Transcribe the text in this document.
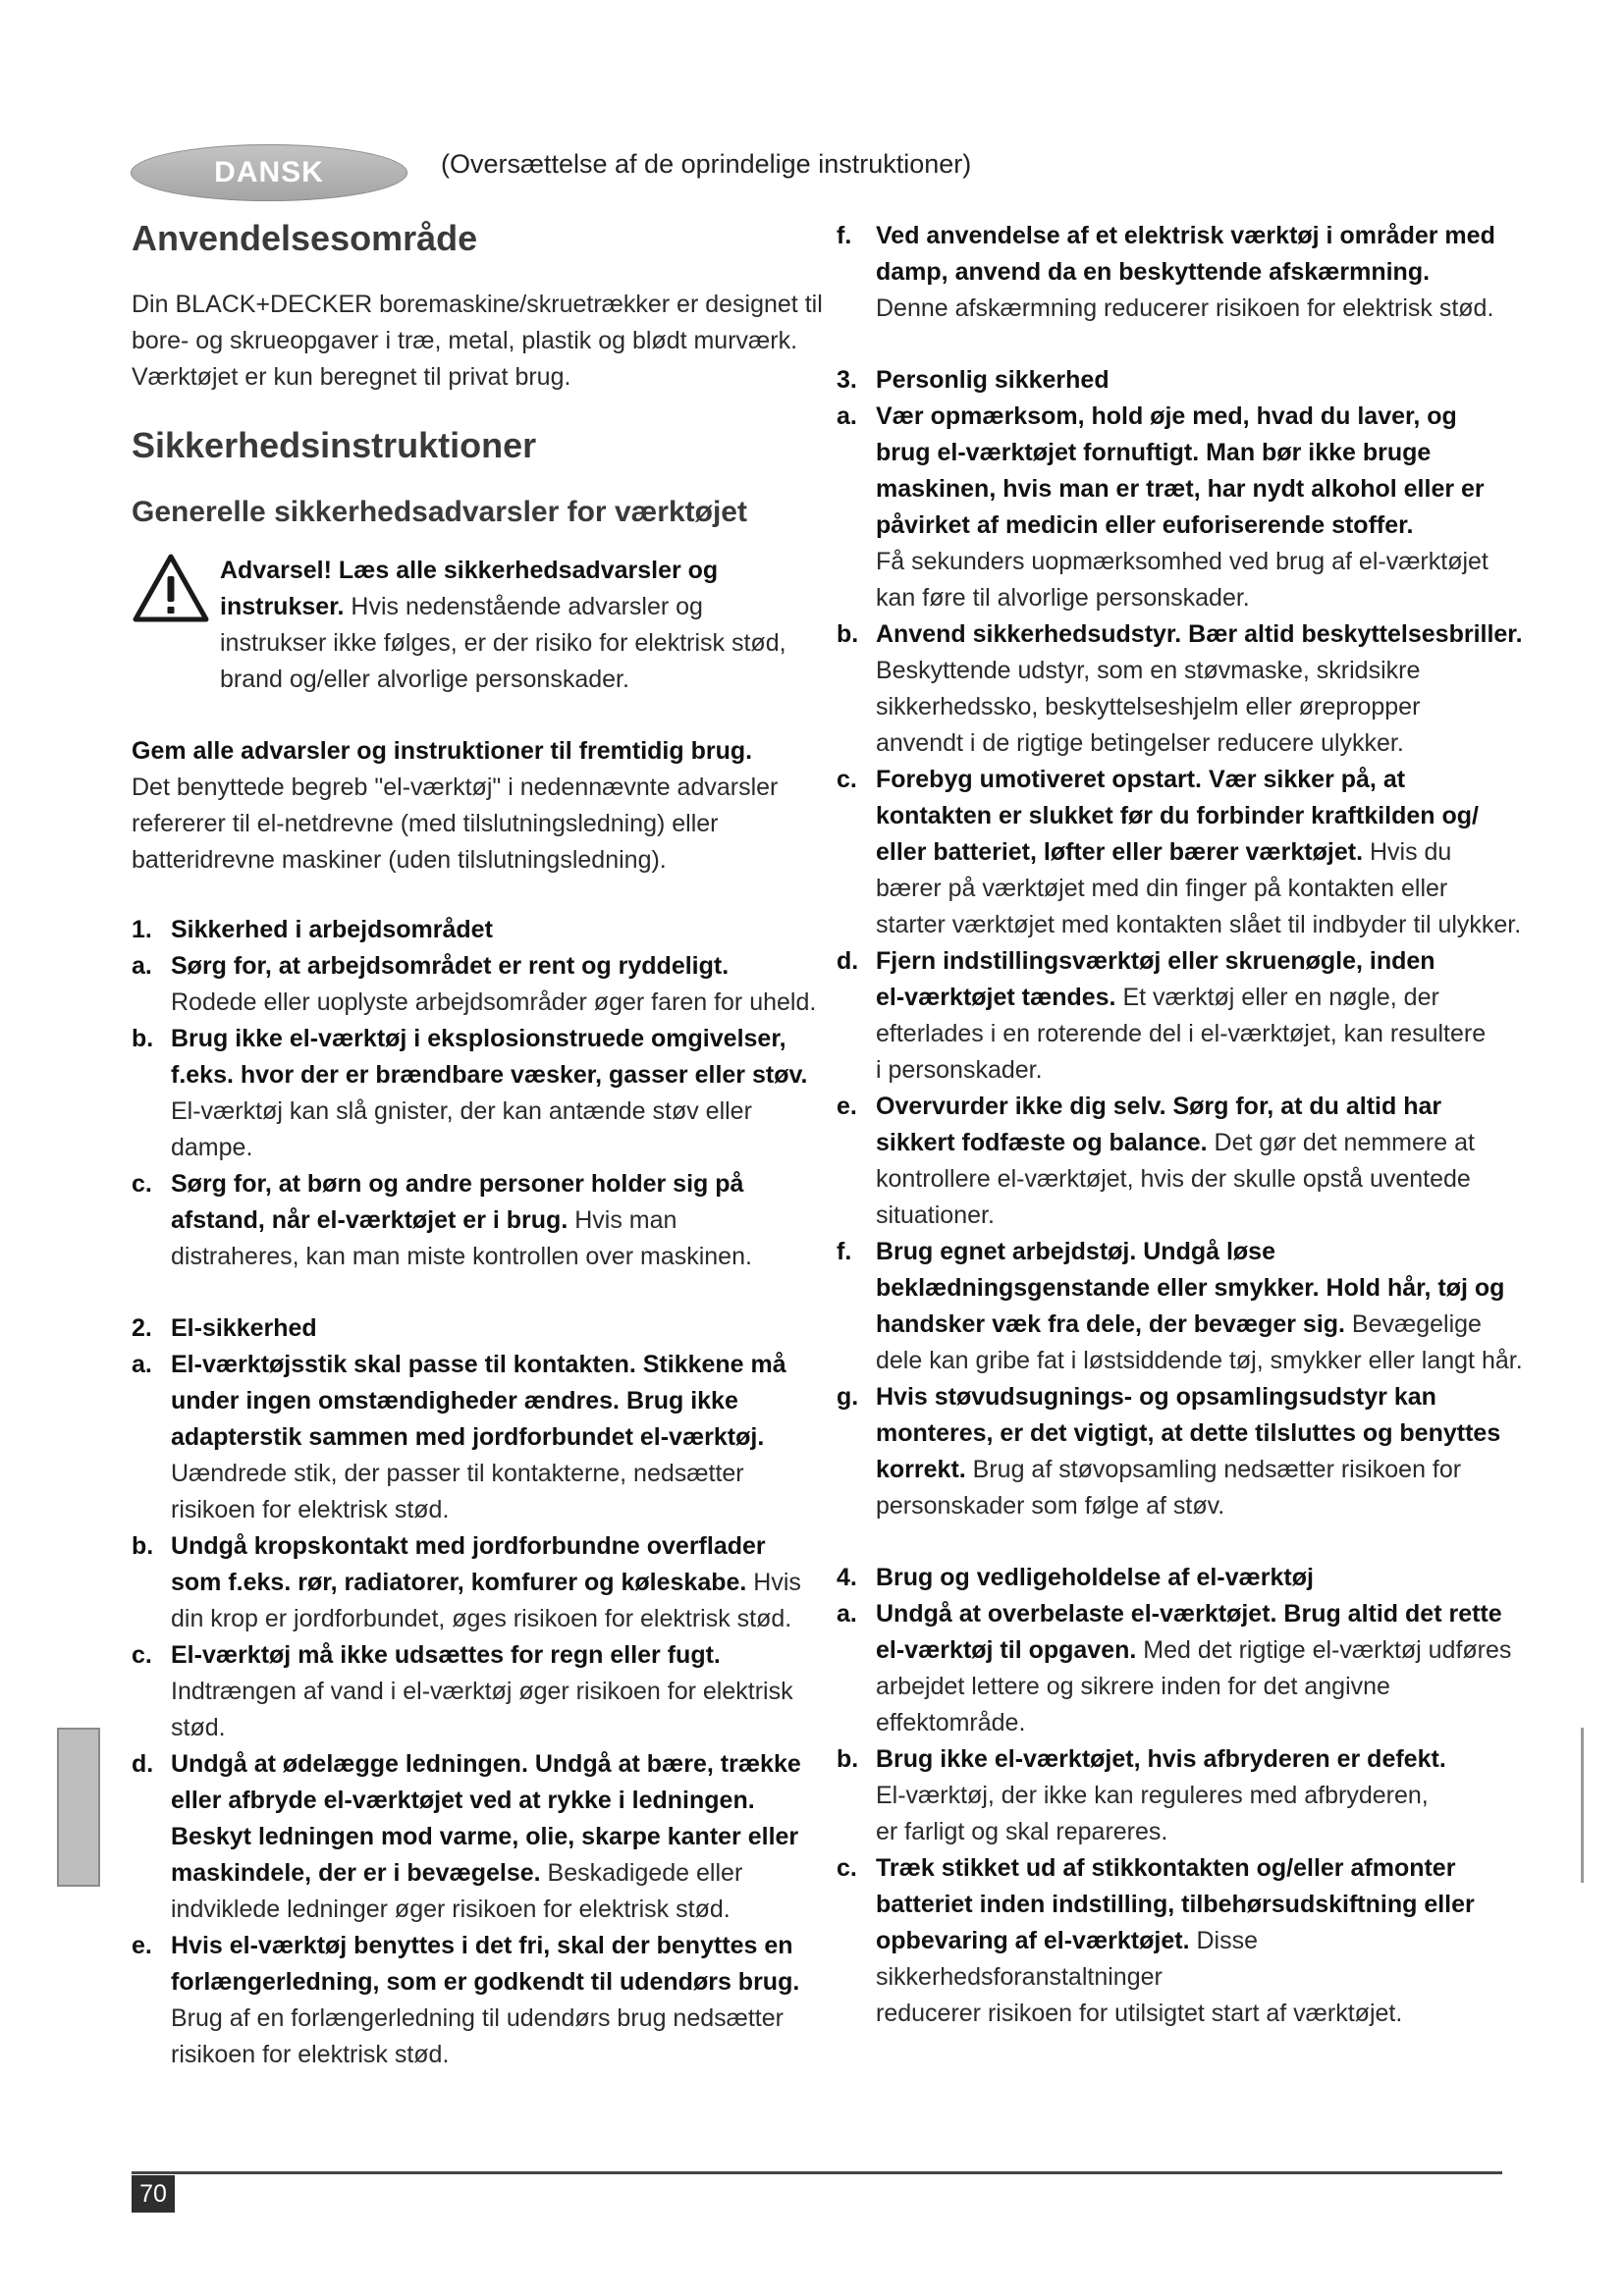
DANSK	(Oversættelse af de oprindelige instruktioner)
Anvendelsesområde

Din BLACK+DECKER boremaskine/skruetrækker er designet til

bore- og skrueopgaver i træ, metal, plastik og blødt murværk.

Værktøjet er kun beregnet til privat brug.

Sikkerhedsinstruktioner
Generelle sikkerhedsadvarsler for værktøjet

Advarsel! Læs alle sikkerhedsadvarsler og

instrukser. Hvis nedenstående advarsler og

instrukser ikke følges, er der risiko for elektrisk stød,

brand og/eller alvorlige personskader.

Gem alle advarsler og instruktioner til fremtidig brug.

Det benyttede begreb "el-værktøj" i nedennævnte advarsler

refererer til el-netdrevne (med tilslutningsledning) eller

batteridrevne maskiner (uden tilslutningsledning).

1. Sikkerhed i arbejdsområdet
a. Sørg for, at arbejdsområdet er rent og ryddeligt.
Rodede eller uoplyste arbejdsområder øger faren for uheld.
b. Brug ikke el-værktøj i eksplosionstruede omgivelser,
f.eks. hvor der er brændbare væsker, gasser eller støv.
El-værktøj kan slå gnister, der kan antænde støv eller dampe.
c. Sørg for, at børn og andre personer holder sig på
afstand, når el-værktøjet er i brug. Hvis man
distraheres, kan man miste kontrollen over maskinen.
2. El-sikkerhed
a. El-værktøjsstik skal passe til kontakten. Stikkene må
under ingen omstændigheder ændres. Brug ikke
adapterstik sammen med jordforbundet el-værktøj.
Uændrede stik, der passer til kontakterne, nedsætter
risikoen for elektrisk stød.
b. Undgå kropskontakt med jordforbundne overflader
som f.eks. rør, radiatorer, komfurer og køleskabe. Hvis
din krop er jordforbundet, øges risikoen for elektrisk stød.
c. El-værktøj må ikke udsættes for regn eller fugt.
Indtrængen af vand i el-værktøj øger risikoen for elektrisk
stød.
d. Undgå at ødelægge ledningen. Undgå at bære, trække
eller afbryde el-værktøjet ved at rykke i ledningen.
Beskyt ledningen mod varme, olie, skarpe kanter eller
maskindele, der er i bevægelse. Beskadigede eller
indviklede ledninger øger risikoen for elektrisk stød.
e. Hvis el-værktøj benyttes i det fri, skal der benyttes en
forlængerledning, som er godkendt til udendørs brug.
Brug af en forlængerledning til udendørs brug nedsætter
risikoen for elektrisk stød.
f. Ved anvendelse af et elektrisk værktøj i områder med
damp, anvend da en beskyttende afskærmning.
Denne afskærmning reducerer risikoen for elektrisk stød.
3. Personlig sikkerhed
a. Vær opmærksom, hold øje med, hvad du laver, og
brug el-værktøjet fornuftigt. Man bør ikke bruge
maskinen, hvis man er træt, har nydt alkohol eller er
påvirket af medicin eller euforiserende stoffer.
Få sekunders uopmærksomhed ved brug af el-værktøjet
kan føre til alvorlige personskader.
b. Anvend sikkerhedsudstyr. Bær altid beskyttelsesbriller.
Beskyttende udstyr, som en støvmaske, skridsikre
sikkerhedssko, beskyttelseshjelm eller ørepropper
anvendt i de rigtige betingelser reducere ulykker.
c. Forebyg umotiveret opstart. Vær sikker på, at
kontakten er slukket før du forbinder kraftkilden og/
eller batteriet, løfter eller bærer værktøjet. Hvis du
bærer på værktøjet med din finger på kontakten eller
starter værktøjet med kontakten slået til indbyder til ulykker.
d. Fjern indstillingsværktøj eller skruenøgle, inden
el-værktøjet tændes. Et værktøj eller en nøgle, der
efterlades i en roterende del i el-værktøjet, kan resultere
i personskader.
e. Overvurder ikke dig selv. Sørg for, at du altid har
sikkert fodfæste og balance. Det gør det nemmere at
kontrollere el-værktøjet, hvis der skulle opstå uventede
situationer.
f. Brug egnet arbejdstøj. Undgå løse
beklædningsgenstande eller smykker. Hold hår, tøj og
handsker væk fra dele, der bevæger sig. Bevægelige
dele kan gribe fat i løstsiddende tøj, smykker eller langt hår.
g. Hvis støvudsugnings- og opsamlingsudstyr kan
monteres, er det vigtigt, at dette tilsluttes og benyttes
korrekt. Brug af støvopsamling nedsætter risikoen for
personskader som følge af støv.
4. Brug og vedligeholdelse af el-værktøj
a. Undgå at overbelaste el-værktøjet. Brug altid det rette
el-værktøj til opgaven. Med det rigtige el-værktøj udføres
arbejdet lettere og sikrere inden for det angivne
effektområde.
b. Brug ikke el-værktøjet, hvis afbryderen er defekt.
El-værktøj, der ikke kan reguleres med afbryderen,
er farligt og skal repareres.
c. Træk stikket ud af stikkontakten og/eller afmonter
batteriet inden indstilling, tilbehørsudskiftning eller
opbevaring af el-værktøjet. Disse sikkerhedsforanstaltninger
reducerer risikoen for utilsigtet start af værktøjet.
70
